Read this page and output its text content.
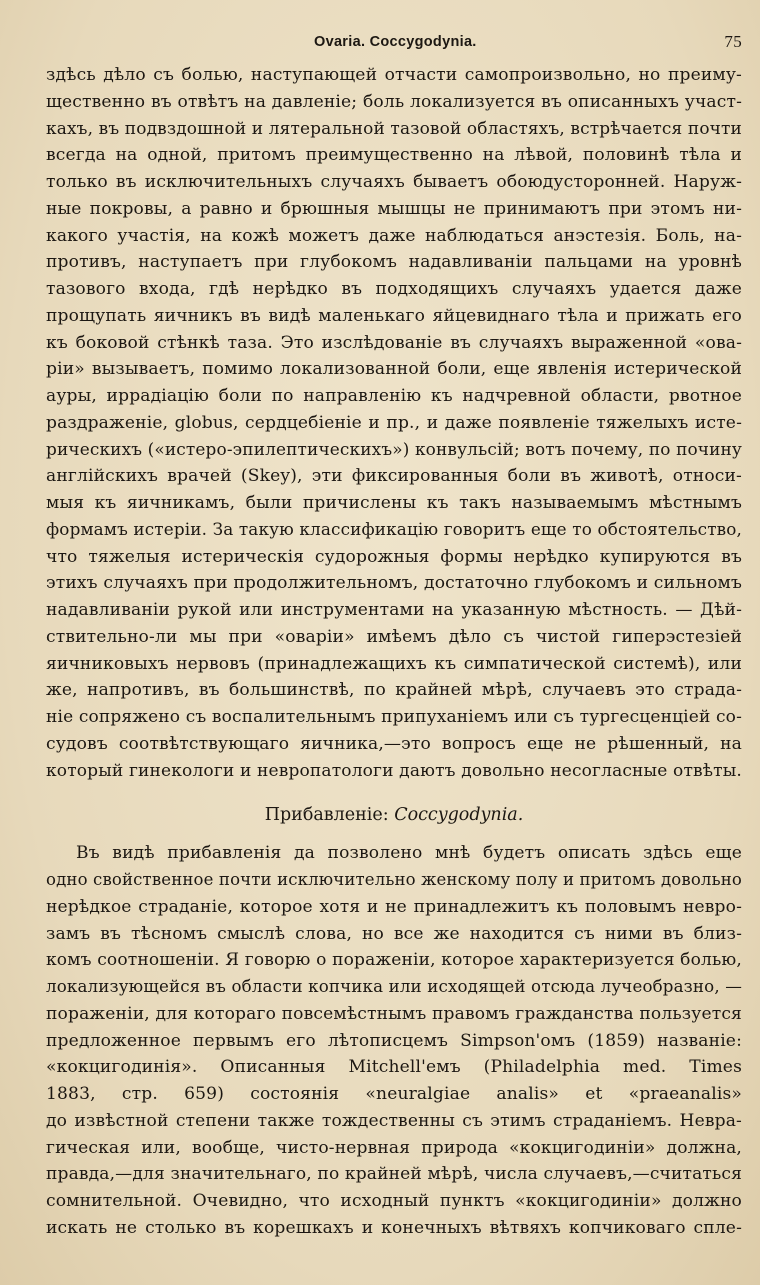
Ovaria. Coccygodynia.	75

здѣсь дѣло съ болью, наступающей отчасти самопроизвольно, но преиму-

щественно въ отвѣтъ на давленіе; боль локализуется въ описанныхъ участ-

кахъ, въ подвздошной и лятеральной тазовой областяхъ, встрѣчается почти

всегда на одной, притомъ преимущественно на лѣвой, половинѣ тѣла и

только въ исключительныхъ случаяхъ бываетъ обоюдусторонней. Наруж-

ные покровы, а равно и брюшныя мышцы не принимаютъ при этомъ ни-

какого участія, на кожѣ можетъ даже наблюдаться анэстезія. Боль, на-

противъ, наступаетъ при глубокомъ надавливаніи пальцами на уровнѣ

тазового входа, гдѣ нерѣдко въ подходящихъ случаяхъ удается даже

прощупать яичникъ въ видѣ маленькаго яйцевиднаго тѣла и прижать его

къ боковой стѣнкѣ таза. Это изслѣдованіе въ случаяхъ выраженной «ова-

ріи» вызываетъ, помимо локализованной боли, еще явленія истерической

ауры, иррадіацію боли по направленію къ надчревной области, рвотное

раздраженіе, globus, сердцебіеніе и пр., и даже появленіе тяжелыхъ исте-

рическихъ («истеро-эпилептическихъ») конвульсій; вотъ почему, по почину

англійскихъ врачей (Skey), эти фиксированныя боли въ животѣ, относи-

мыя къ яичникамъ, были причислены къ такъ называемымъ мѣстнымъ

формамъ истеріи. За такую классификацію говоритъ еще то обстоятельство,

что тяжелыя истерическія судорожныя формы нерѣдко купируются въ

этихъ случаяхъ при продолжительномъ, достаточно глубокомъ и сильномъ

надавливаніи рукой или инструментами на указанную мѣстность. — Дѣй-

ствительно-ли мы при «оваріи» имѣемъ дѣло съ чистой гиперэстезіей

яичниковыхъ нервовъ (принадлежащихъ къ симпатической системѣ), или

же, напротивъ, въ большинствѣ, по крайней мѣрѣ, случаевъ это страда-

ніе сопряжено съ воспалительнымъ припуханіемъ или съ тургесценціей со-

судовъ соотвѣтствующаго яичника,—это вопросъ еще не рѣшенный, на

который гинекологи и невропатологи даютъ довольно несогласные отвѣты.

Прибавленіе: Coccygodynia.

Въ видѣ прибавленія да позволено мнѣ будетъ описать здѣсь еще

одно свойственное почти исключительно женскому полу и притомъ довольно

нерѣдкое страданіе, которое хотя и не принадлежитъ къ половымъ невро-

замъ въ тѣсномъ смыслѣ слова, но все же находится съ ними въ близ-

комъ соотношеніи. Я говорю о пораженіи, которое характеризуется болью,

локализующейся въ области копчика или исходящей отсюда лучеобразно, —

пораженіи, для котораго повсемѣстнымъ правомъ гражданства пользуется

предложенное первымъ его лѣтописцемъ Simpson'омъ (1859) названіе:

«кокцигодинія». Описанныя Mitchell'емъ (Philadelphia med. Times

1883, стр. 659) состоянія «neuralgiae analis» et «praeanalis»

до извѣстной степени также тождественны съ этимъ страданіемъ. Невра-

гическая или, вообще, чисто-нервная природа «кокцигодиніи» должна,

правда,—для значительнаго, по крайней мѣрѣ, числа случаевъ,—считаться

сомнительной. Очевидно, что исходный пунктъ «кокцигодиніи» должно

искать не столько въ корешкахъ и конечныхъ вѣтвяхъ копчиковаго спле-
